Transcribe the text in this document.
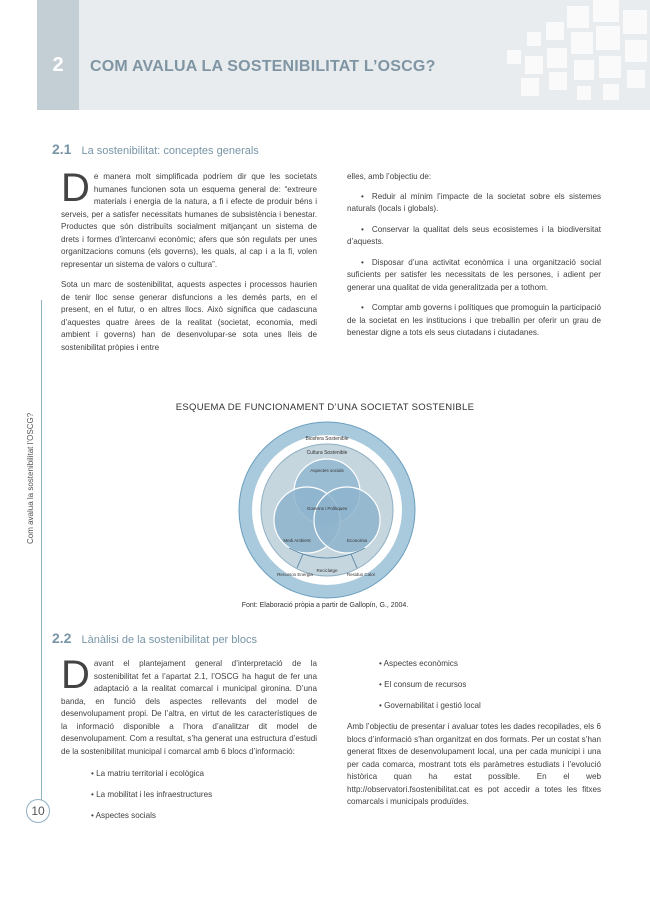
2	COM AVALUA LA SOSTENIBILITAT L’OSCG?
Com avalua la sostenibilitat l’OSCG?
10
2.1 La sostenibilitat: conceptes generals

De manera molt simplificada podríem dir que les societats humanes funcionen sota un esquema general de: “extreure materials i energia de la natura, a fi i efecte de produir béns i serveis, per a satisfer necessitats humanes de subsistència i benestar. Productes que són distribuïts socialment mitjançant un sistema de drets i formes d’intercanvi econòmic; afers que són regulats per unes organitzacions comuns (els governs), les quals, al cap i a la fi, volen representar un sistema de valors o cultura”.

Sota un marc de sostenibilitat, aquests aspectes i processos haurien de tenir lloc sense generar disfuncions a les demés parts, en el present, en el futur, o en altres llocs. Això significa que cadascuna d’aquestes quatre àrees de la realitat (societat, economia, medi ambient i governs) han de desenvolupar-se sota unes lleis de sostenibilitat pròpies i entre

elles, amb l’objectiu de:

• Reduir al mínim l’impacte de la societat sobre els sistemes naturals (locals i globals).
• Conservar la qualitat dels seus ecosistemes i la biodiversitat d’aquests.
• Disposar d’una activitat econòmica i una organització social suficients per satisfer les necessitats de les persones, i adient per generar una qualitat de vida generalitzada per a tothom.
• Comptar amb governs i polítiques que promoguin la participació de la societat en les institucions i que treballin per oferir un grau de benestar digne a tots els seus ciutadans i ciutadanes.
ESQUEMA DE FUNCIONAMENT D’UNA SOCIETAT SOSTENIBLE
Biosfera Sostenible
Cultura Sostenible
Aspectes socials
Medi Ambient	Economia
Governs i Polítiques
Reciclatge
Recursos Energia	Residus Calor
Font: Elaboració pròpia a partir de Gallopín, G., 2004.
2.2 Lànàlisi de la sostenibilitat per blocs

Davant el plantejament general d’interpretació de la sostenibilitat fet a l’apartat 2.1, l’OSCG ha hagut de fer una adaptació a la realitat comarcal i municipal gironina. D’una banda, en funció dels aspectes rellevants del model de desenvolupament propi. De l’altra, en virtut de les característiques de la informació disponible a l’hora d’analitzar dit model de desenvolupament. Com a resultat, s’ha generat una estructura d’estudi de la sostenibilitat municipal i comarcal amb 6 blocs d’informació:

• La matriu territorial i ecològica
• La mobilitat i les infraestructures
• Aspectes socials
• Aspectes econòmics
• El consum de recursos
• Governabilitat i gestió local

Amb l’objectiu de presentar i avaluar totes les dades recopilades, els 6 blocs d’informació s’han organitzat en dos formats. Per un costat s’han generat fitxes de desenvolupament local, una per cada municipi i una per cada comarca, mostrant tots els paràmetres estudiats i l’evolució històrica quan ha estat possible. En el web http://observatori.fsostenibilitat.cat es pot accedir a totes les fitxes comarcals i municipals produïdes.
